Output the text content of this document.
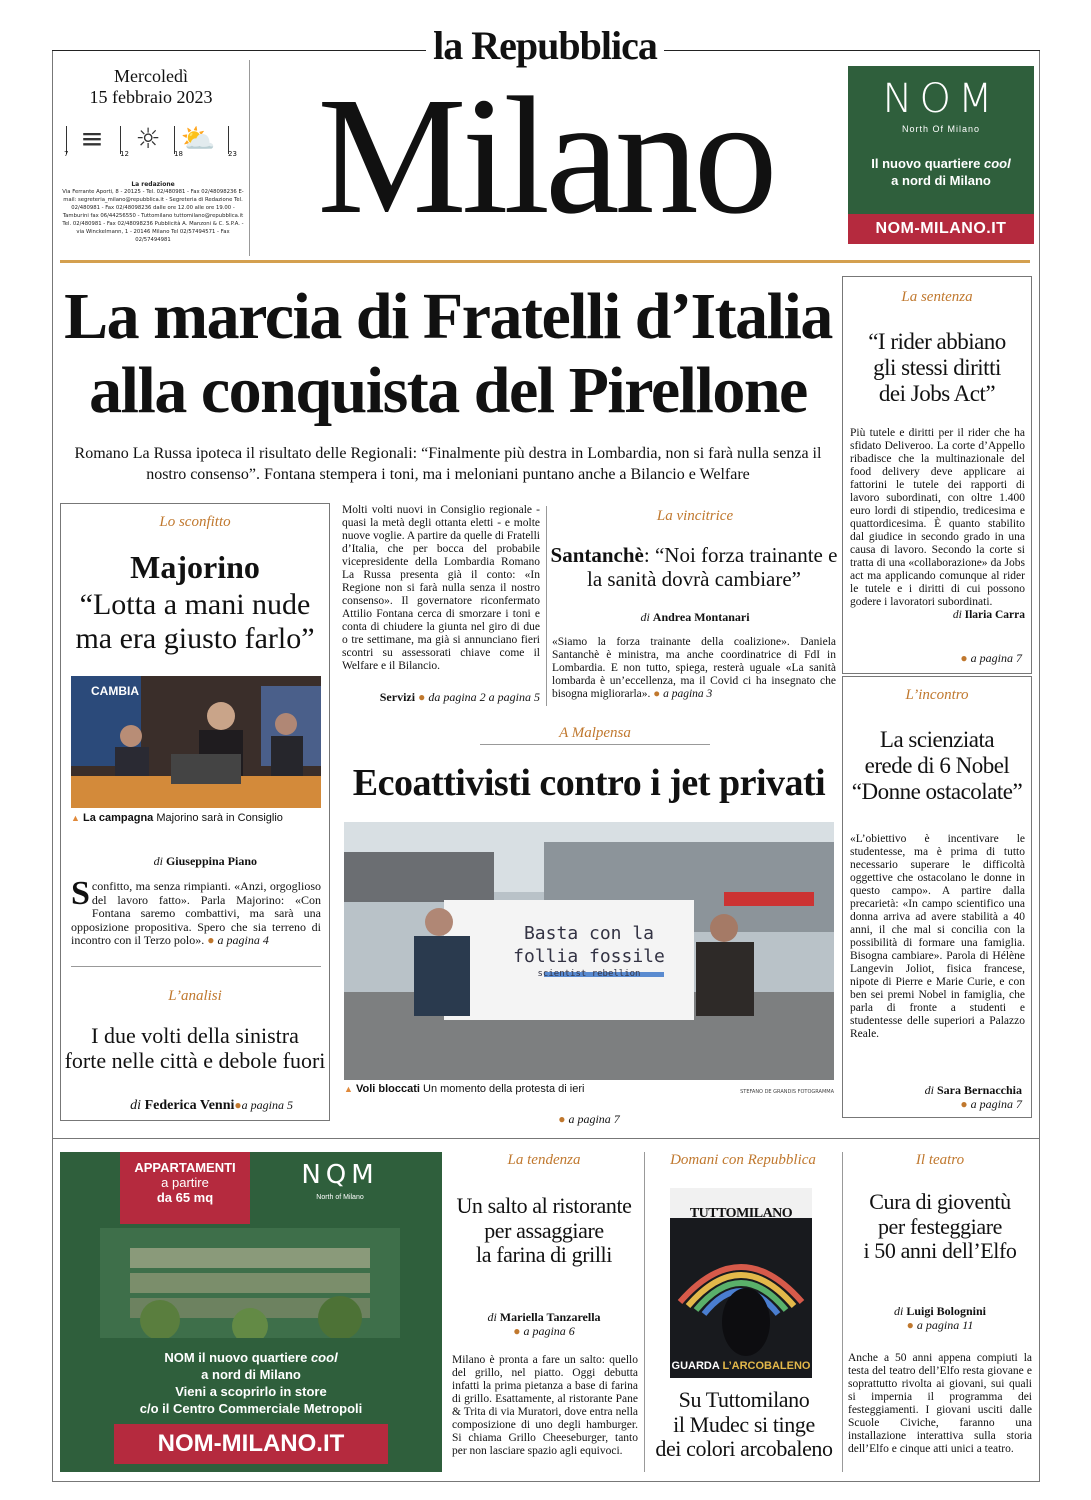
la Repubblica
Milano
Mercoledì
15 febbraio 2023
≡
7 ☼
12 ⛅
18	23
La redazione
Via Ferrante Aporti, 8 - 20125 - Tel. 02/480981 - Fax 02/48098236 E-mail: segreteria_milano@repubblica.it - Segreteria di Redazione Tel. 02/480981 - Fax 02/48098236 dalle ore 12.00 alle ore 19.00 - Tamburini fax 06/44256550 - Tuttomilano tuttomilano@repubblica.it Tel. 02/480981 - Fax 02/48098236 Pubblicità A. Manzoni & C. S.P.A. - via Winckelmann, 1 - 20146 Milano Tel 02/57494571 - Fax 02/57494981
NOM
North Of Milano
Il nuovo quartiere cool
a nord di Milano
NOM-MILANO.IT
La marcia di Fratelli d’Italia
alla conquista del Pirellone
Romano La Russa ipoteca il risultato delle Regionali: “Finalmente più destra in Lombardia, non si farà nulla senza il nostro consenso”. Fontana stempera i toni, ma i meloniani puntano anche a Bilancio e Welfare
Lo sconfitto
Majorino
“Lotta a mani nude
ma era giusto farlo”
CAMBIA
▲ La campagna Majorino sarà in Consiglio
di Giuseppina Piano
Sconfitto, ma senza rimpianti. «Anzi, orgoglioso del lavoro fatto». Parla Majorino: «Con Fontana saremo combattivi, ma sarà una opposizione propositiva. Spero che sia terreno di incontro con il Terzo polo». ● a pagina 4
L’analisi
I due volti della sinistra
forte nelle città e debole fuori
di Federica Venni●a pagina 5
Molti volti nuovi in Consiglio regionale - quasi la metà degli ottanta eletti - e molte nuove voglie. A partire da quelle di Fratelli d’Italia, che per bocca del probabile vicepresidente della Lombardia Romano La Russa presenta già il conto: «In Regione non si farà nulla senza il nostro consenso». Il governatore riconfermato Attilio Fontana cerca di smorzare i toni e conta di chiudere la giunta nel giro di due o tre settimane, ma già si annunciano fieri scontri su assessorati chiave come il Welfare e il Bilancio.
Servizi ● da pagina 2 a pagina 5
La vincitrice
Santanchè: “Noi forza trainante e la sanità dovrà cambiare”
di Andrea Montanari
«Siamo la forza trainante della coalizione». Daniela Santanchè è ministra, ma anche coordinatrice di FdI in Lombardia. E non tutto, spiega, resterà uguale «La sanità lombarda è un’eccellenza, ma il Covid ci ha insegnato che bisogna migliorarla». ● a pagina 3
A Malpensa
Ecoattivisti contro i jet privati
Basta con la
follia fossile
scientist rebellion
▲ Voli bloccati Un momento della protesta di ieri	STEFANO DE GRANDIS FOTOGRAMMA
● a pagina 7
La sentenza
“I rider abbiano
gli stessi diritti
dei Jobs Act”
Più tutele e diritti per il rider che ha sfidato Deliveroo. La corte d’Appello ribadisce che la multinazionale del food delivery deve applicare ai fattorini le tutele dei rapporti di lavoro subordinati, con oltre 1.400 euro lordi di stipendio, tredicesima e quattordicesima. È quanto stabilito dal giudice in secondo grado in una causa di lavoro. Secondo la corte si tratta di una «collaborazione» da Jobs act ma applicando comunque al rider le tutele e i diritti di cui possono godere i lavoratori subordinati.
di Ilaria Carra
● a pagina 7
L’incontro
La scienziata
erede di 6 Nobel
“Donne ostacolate”
«L’obiettivo è incentivare le studentesse, ma è prima di tutto necessario superare le difficoltà oggettive che ostacolano le donne in questo campo». A partire dalla precarietà: «In campo scientifico una donna arriva ad avere stabilità a 40 anni, il che mal si concilia con la possibilità di formare una famiglia. Bisogna cambiare». Parola di Hélène Langevin Joliot, fisica francese, nipote di Pierre e Marie Curie, e con ben sei premi Nobel in famiglia, che parla di fronte a studenti e studentesse delle superiori a Palazzo Reale.
di Sara Bernacchia
● a pagina 7
APPARTAMENTI
a partire
da 65 mq
NQM
North of Milano
NOM il nuovo quartiere cool
a nord di Milano
Vieni a scoprirlo in store
c/o il Centro Commerciale Metropoli
NOM-MILANO.IT
La tendenza
Un salto al ristorante
per assaggiare
la farina di grilli
di Mariella Tanzarella
● a pagina 6
Milano è pronta a fare un salto: quello del grillo, nel piatto. Oggi debutta infatti la prima pietanza a base di farina di grillo. Esattamente, al ristorante Pane & Trita di via Muratori, dove entra nella composizione di uno degli hamburger. Si chiama Grillo Cheeseburger, tanto per non lasciare spazio agli equivoci.
Domani con Repubblica
TUTTOMILANO
GUARDA L’ARCOBALENO
Su Tuttomilano
il Mudec si tinge
dei colori arcobaleno
Il teatro
Cura di gioventù
per festeggiare
i 50 anni dell’Elfo
di Luigi Bolognini
● a pagina 11
Anche a 50 anni appena compiuti la testa del teatro dell’Elfo resta giovane e soprattutto rivolta ai giovani, sui quali si impernia il programma dei festeggiamenti. I giovani usciti dalle Scuole Civiche, faranno una installazione interattiva sulla storia dell’Elfo e cinque atti unici a teatro.
